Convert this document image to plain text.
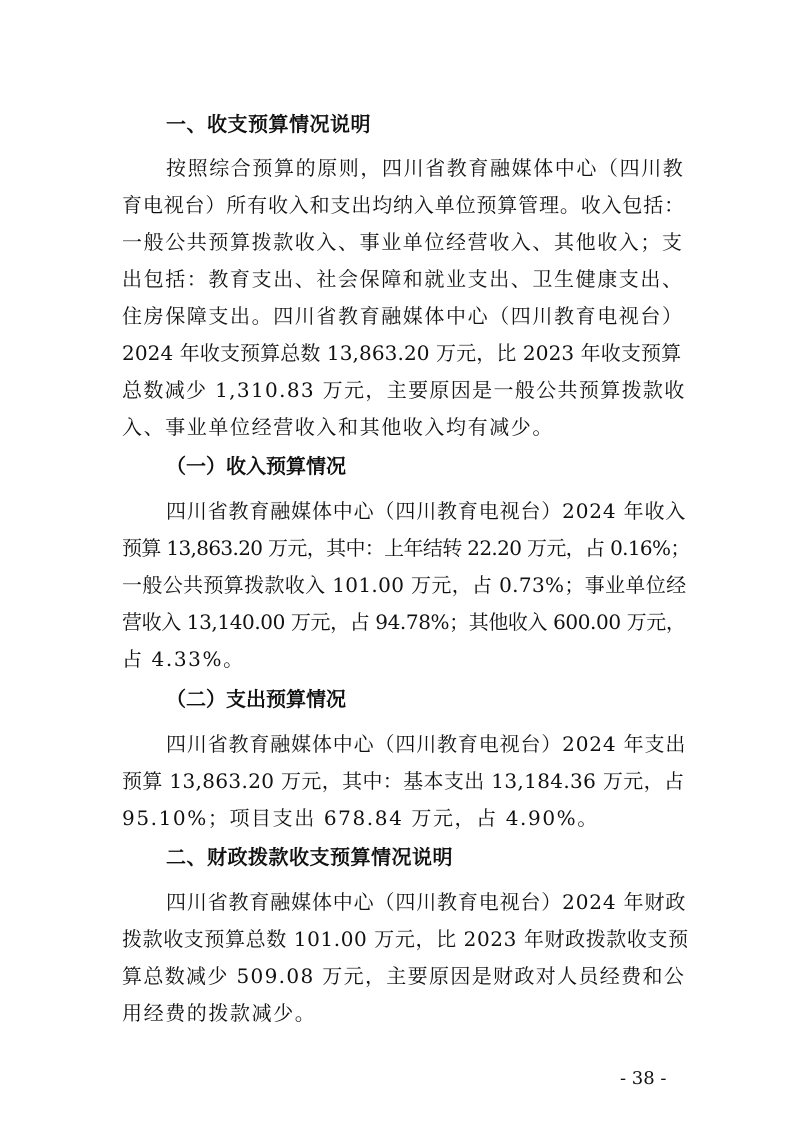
一、收支预算情况说明
按照综合预算的原则，四川省教育融媒体中心（四川教
育电视台）所有收入和支出均纳入单位预算管理。收入包括：
一般公共预算拨款收入、事业单位经营收入、其他收入；支
出包括：教育支出、社会保障和就业支出、卫生健康支出、
住房保障支出。四川省教育融媒体中心（四川教育电视台）
2024 年收支预算总数 13,863.20 万元，比 2023 年收支预算
总数减少 1,310.83 万元，主要原因是一般公共预算拨款收
入、事业单位经营收入和其他收入均有减少。
（一）收入预算情况
四川省教育融媒体中心（四川教育电视台）2024 年收入
预算 13,863.20 万元，其中：上年结转 22.20 万元，占 0.16%；
一般公共预算拨款收入 101.00 万元，占 0.73%；事业单位经
营收入 13,140.00 万元，占 94.78%；其他收入 600.00 万元，
占 4.33%。
（二）支出预算情况
四川省教育融媒体中心（四川教育电视台）2024 年支出
预算 13,863.20 万元，其中：基本支出 13,184.36 万元，占
95.10%；项目支出 678.84 万元，占 4.90%。
二、财政拨款收支预算情况说明
四川省教育融媒体中心（四川教育电视台）2024 年财政
拨款收支预算总数 101.00 万元，比 2023 年财政拨款收支预
算总数减少 509.08 万元，主要原因是财政对人员经费和公
用经费的拨款减少。
- 38 -
